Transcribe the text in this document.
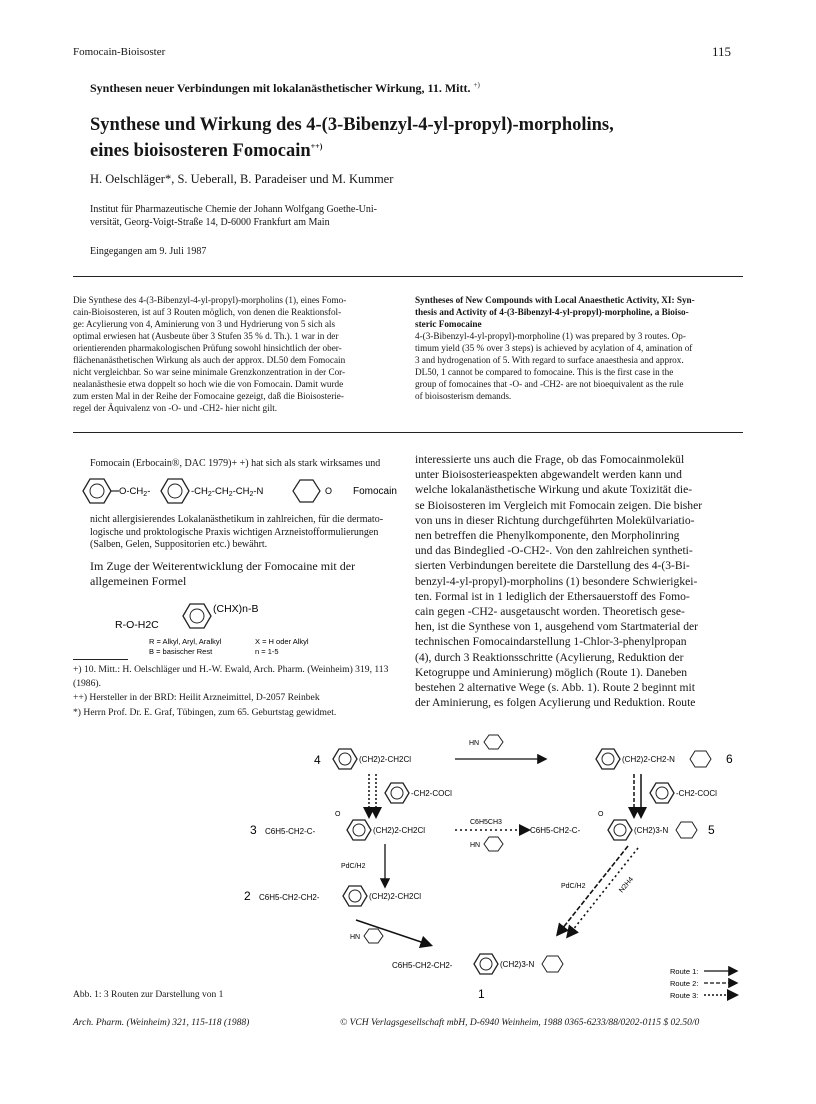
Fomocain-Bioisoster	115
Synthesen neuer Verbindungen mit lokalanästhetischer Wirkung, 11. Mitt. +)
Synthese und Wirkung des 4-(3-Bibenzyl-4-yl-propyl)-morpholins,
eines bioisosteren Fomocain++)
H. Oelschläger*, S. Ueberall, B. Paradeiser und M. Kummer
Institut für Pharmazeutische Chemie der Johann Wolfgang Goethe-Uni-
versität, Georg-Voigt-Straße 14, D-6000 Frankfurt am Main
Eingegangen am 9. Juli 1987
Die Synthese des 4-(3-Bibenzyl-4-yl-propyl)-morpholins (1), eines Fomo-
cain-Bioisosteren, ist auf 3 Routen möglich, von denen die Reaktionsfol-
ge: Acylierung von 4, Aminierung von 3 und Hydrierung von 5 sich als
optimal erwiesen hat (Ausbeute über 3 Stufen 35 % d. Th.). 1 war in der
orientierenden pharmakologischen Prüfung sowohl hinsichtlich der ober-
flächenanästhetischen Wirkung als auch der approx. DL50 dem Fomocain
nicht vergleichbar. So war seine minimale Grenzkonzentration in der Cor-
nealanästhesie etwa doppelt so hoch wie die von Fomocain. Damit wurde
zum ersten Mal in der Reihe der Fomocaine gezeigt, daß die Bioisosterie-
regel der Äquivalenz von -O- und -CH2- hier nicht gilt.
Syntheses of New Compounds with Local Anaesthetic Activity, XI: Syn-
thesis and Activity of 4-(3-Bibenzyl-4-yl-propyl)-morpholine, a Bioiso-
steric Fomocaine
4-(3-Bibenzyl-4-yl-propyl)-morpholine (1) was prepared by 3 routes. Op-
timum yield (35 % over 3 steps) is achieved by acylation of 4, amination of
3 and hydrogenation of 5. With regard to surface anaesthesia and approx.
DL50, 1 cannot be compared to fomocaine. This is the first case in the
group of fomocaines that -O- and -CH2- are not bioequivalent as the rule
of bioisosterism demands.
Fomocain (Erbocain®, DAC 1979)+ +) hat sich als stark wirksames und
$O-CH_2-$	$-CH_2-CH_2-CH_2-N$	O Fomocain
nicht allergisierendes Lokalanästhetikum in zahlreichen, für die dermato-
logische und proktologische Praxis wichtigen Arzneistofformulierungen
(Salben, Gelen, Suppositorien etc.) bewährt.
Im Zuge der Weiterentwicklung der Fomocaine mit der
allgemeinen Formel
R-O-H2C
(CHX)n-B
R = Alkyl, Aryl, Aralkyl	X = H oder Alkyl
B = basischer Rest	n = 1-5
+) 10. Mitt.: H. Oelschläger und H.-W. Ewald, Arch. Pharm. (Weinheim) 319, 113 (1986).
++) Hersteller in der BRD: Heilit Arzneimittel, D-2057 Reinbek
*) Herrn Prof. Dr. E. Graf, Tübingen, zum 65. Geburtstag gewidmet.
interessierte uns auch die Frage, ob das Fomocainmolekül
unter Bioisosterieaspekten abgewandelt werden kann und
welche lokalanästhetische Wirkung und akute Toxizität die-
se Bioisosteren im Vergleich mit Fomocain zeigen. Die bisher
von uns in dieser Richtung durchgeführten Molekülvariatio-
nen betreffen die Phenylkomponente, den Morpholinring
und das Bindeglied -O-CH2-. Von den zahlreichen syntheti-
sierten Verbindungen bereitete die Darstellung des 4-(3-Bi-
benzyl-4-yl-propyl)-morpholins (1) besondere Schwierigkei-
ten. Formal ist in 1 lediglich der Ethersauerstoff des Fomo-
cain gegen -CH2- ausgetauscht worden. Theoretisch gese-
hen, ist die Synthese von 1, ausgehend vom Startmaterial der
technischen Fomocaindarstellung 1-Chlor-3-phenylpropan
(4), durch 3 Reaktionsschritte (Acylierung, Reduktion der
Ketogruppe und Aminierung) möglich (Route 1). Daneben
bestehen 2 alternative Wege (s. Abb. 1). Route 2 beginnt mit
der Aminierung, es folgen Acylierung und Reduktion. Route
4	(CH2)2-CH2Cl
HN
(CH2)2-CH2-N	6
-CH2-COCl	-CH2-COCl
3 C6H5-CH2-C-
O
(CH2)2-CH2Cl
C6H5CH3
HN
C6H5-CH2-C-
O
(CH2)3-N	5
PdC/H2
2 C6H5-CH2-CH2-	(CH2)2-CH2Cl
PdC/H2	N2H4
HN
C6H5-CH2-CH2-	(CH2)3-N
1
Route 1:
Route 2:
Route 3:
Abb. 1: 3 Routen zur Darstellung von 1
Arch. Pharm. (Weinheim) 321, 115-118 (1988)	© VCH Verlagsgesellschaft mbH, D-6940 Weinheim, 1988 0365-6233/88/0202-0115 $ 02.50/0
